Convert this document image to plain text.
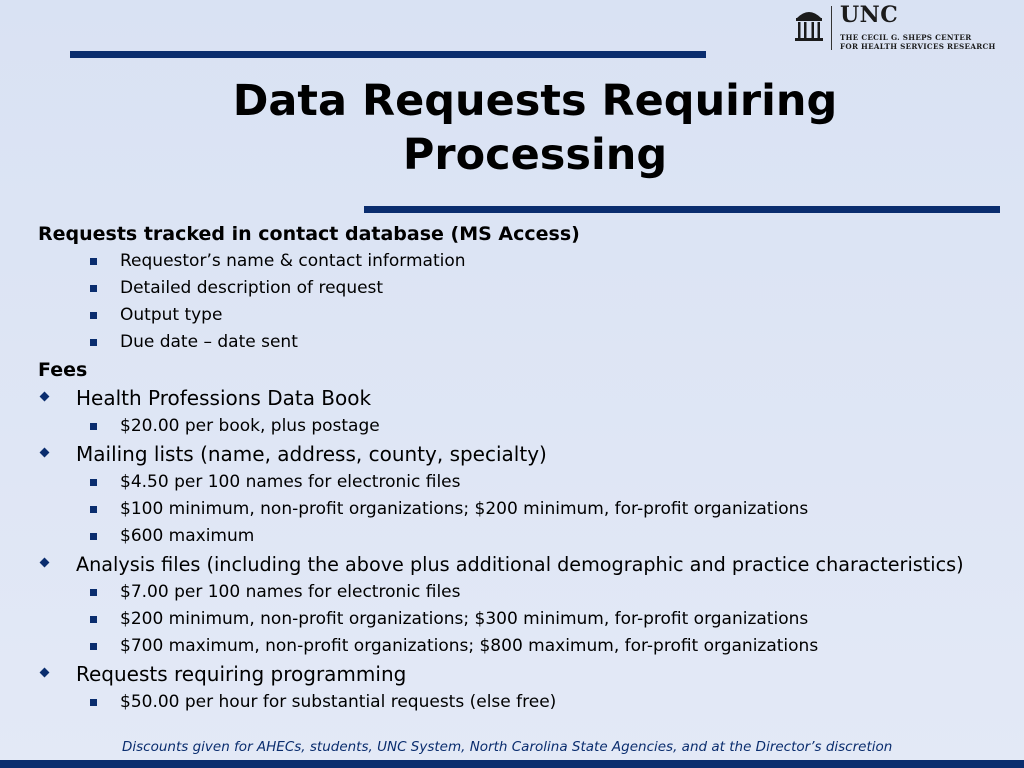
UNC
THE CECIL G. SHEPS CENTER
FOR HEALTH SERVICES RESEARCH
Data Requests Requiring Processing
Requests tracked in contact database (MS Access)
Requestor’s name & contact information
Detailed description of request
Output type
Due date – date sent
Fees
Health Professions Data Book
$20.00 per book, plus postage
Mailing lists (name, address, county, specialty)
$4.50 per 100 names for electronic files
$100 minimum, non-profit organizations; $200 minimum, for-profit organizations
$600 maximum
Analysis files (including the above plus additional demographic and practice characteristics)
$7.00 per 100 names for electronic files
$200 minimum, non-profit organizations; $300 minimum, for-profit organizations
$700 maximum, non-profit organizations; $800 maximum, for-profit organizations
Requests requiring programming
$50.00 per hour for substantial requests (else free)
Discounts given for AHECs, students, UNC System, North Carolina State Agencies, and at the Director’s discretion
